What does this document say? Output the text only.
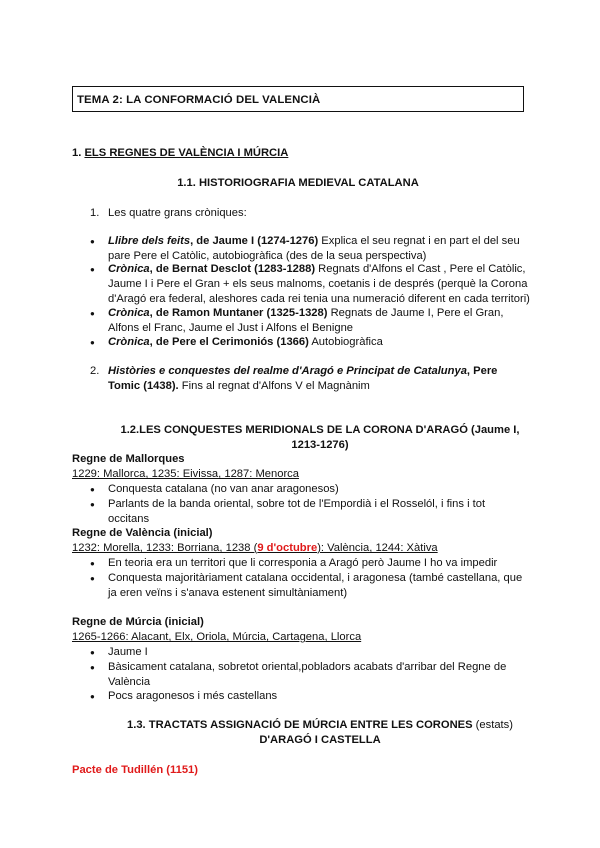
TEMA 2: LA CONFORMACIÓ DEL VALENCIÀ
1. ELS REGNES DE VALÈNCIA I MÚRCIA
1.1. HISTORIOGRAFIA MEDIEVAL CATALANA
1. Les quatre grans cròniques:
● Llibre dels feits, de Jaume I (1274-1276) Explica el seu regnat i en part el del seu
pare Pere el Catòlic, autobiogràfica (des de la seua perspectiva)
● Crònica, de Bernat Desclot (1283-1288) Regnats d'Alfons el Cast , Pere el Catòlic,
Jaume I i Pere el Gran + els seus malnoms, coetanis i de després (perquè la Corona
d'Aragó era federal, aleshores cada rei tenia una numeració diferent en cada territori)
● Crònica, de Ramon Muntaner (1325-1328) Regnats de Jaume I, Pere el Gran,
Alfons el Franc, Jaume el Just i Alfons el Benigne
● Crònica, de Pere el Cerimoniós (1366) Autobiogràfica
2. Històries e conquestes del realme d'Aragó e Principat de Catalunya, Pere
Tomic (1438). Fins al regnat d'Alfons V el Magnànim
1.2.LES CONQUESTES MERIDIONALS DE LA CORONA D'ARAGÓ (Jaume I,
1213-1276)
Regne de Mallorques
1229: Mallorca, 1235: Eivissa, 1287: Menorca
● Conquesta catalana (no van anar aragonesos)
● Parlants de la banda oriental, sobre tot de l'Empordià i el Rosselól, i fins i tot
occitans
Regne de València (inicial)
1232: Morella, 1233: Borriana, 1238 (9 d'octubre): València, 1244: Xàtiva
● En teoria era un territori que li corresponia a Aragó però Jaume I ho va impedir
● Conquesta majoritàriament catalana occidental, i aragonesa (també castellana, que
ja eren veïns i s'anava estenent simultàniament)
Regne de Múrcia (inicial)
1265-1266: Alacant, Elx, Oriola, Múrcia, Cartagena, Llorca
● Jaume I
● Bàsicament catalana, sobretot oriental,pobladors acabats d'arribar del Regne de
València
● Pocs aragonesos i més castellans
1.3. TRACTATS ASSIGNACIÓ DE MÚRCIA ENTRE LES CORONES (estats)
D'ARAGÓ I CASTELLA
Pacte de Tudillén (1151)
